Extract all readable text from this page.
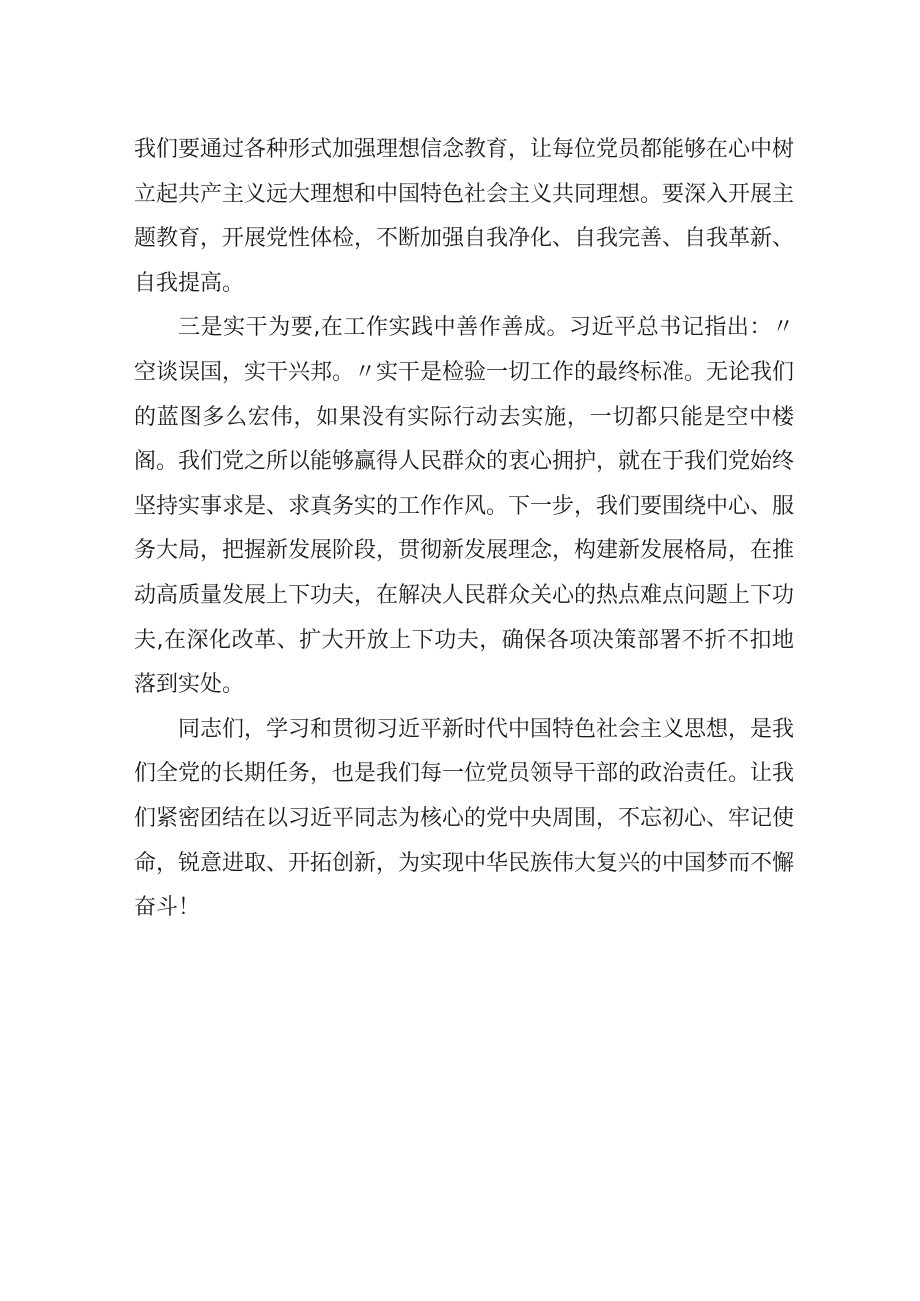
我们要通过各种形式加强理想信念教育，让每位党员都能够在心中树立起共产主义远大理想和中国特色社会主义共同理想。要深入开展主题教育，开展党性体检，不断加强自我净化、自我完善、自我革新、自我提高。

三是实干为要,在工作实践中善作善成。习近平总书记指出：〃空谈误国，实干兴邦。〃实干是检验一切工作的最终标准。无论我们的蓝图多么宏伟，如果没有实际行动去实施，一切都只能是空中楼阁。我们党之所以能够赢得人民群众的衷心拥护，就在于我们党始终坚持实事求是、求真务实的工作作风。下一步，我们要围绕中心、服务大局，把握新发展阶段，贯彻新发展理念，构建新发展格局，在推动高质量发展上下功夫，在解决人民群众关心的热点难点问题上下功夫,在深化改革、扩大开放上下功夫，确保各项决策部署不折不扣地落到实处。

同志们，学习和贯彻习近平新时代中国特色社会主义思想，是我们全党的长期任务，也是我们每一位党员领导干部的政治责任。让我们紧密团结在以习近平同志为核心的党中央周围，不忘初心、牢记使命，锐意进取、开拓创新，为实现中华民族伟大复兴的中国梦而不懈奋斗！
